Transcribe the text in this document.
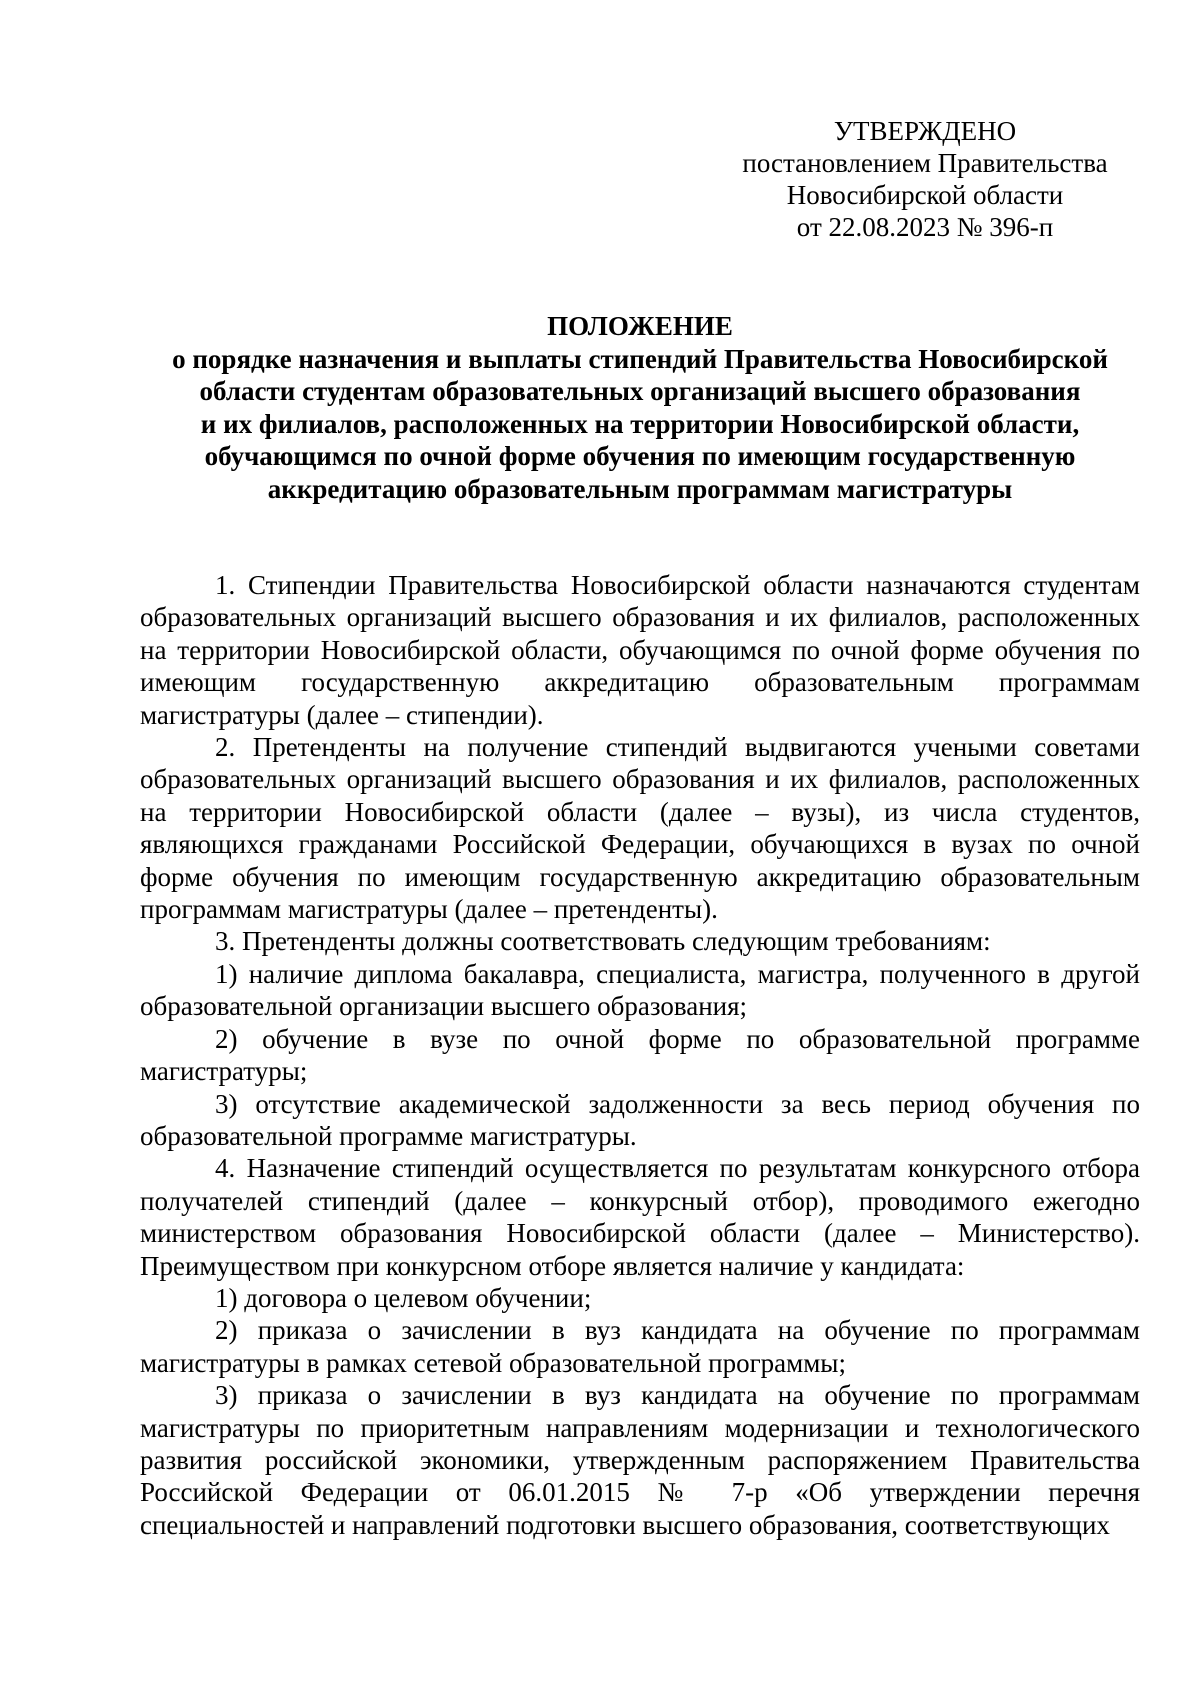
УТВЕРЖДЕНО
постановлением Правительства
Новосибирской области
от 22.08.2023 № 396-п
ПОЛОЖЕНИЕ
о порядке назначения и выплаты стипендий Правительства Новосибирской
области студентам образовательных организаций высшего образования
и их филиалов, расположенных на территории Новосибирской области,
обучающимся по очной форме обучения по имеющим государственную
аккредитацию образовательным программам магистратуры

1. Стипендии Правительства Новосибирской области назначаются студентам образовательных организаций высшего образования и их филиалов, расположенных на территории Новосибирской области, обучающимся по очной форме обучения по имеющим государственную аккредитацию образовательным программам магистратуры (далее – стипендии).

2. Претенденты на получение стипендий выдвигаются учеными советами образовательных организаций высшего образования и их филиалов, расположенных на территории Новосибирской области (далее – вузы), из числа студентов, являющихся гражданами Российской Федерации, обучающихся в вузах по очной форме обучения по имеющим государственную аккредитацию образовательным программам магистратуры (далее – претенденты).

3. Претенденты должны соответствовать следующим требованиям:

1) наличие диплома бакалавра, специалиста, магистра, полученного в другой образовательной организации высшего образования;

2) обучение в вузе по очной форме по образовательной программе магистратуры;

3) отсутствие академической задолженности за весь период обучения по образовательной программе магистратуры.

4. Назначение стипендий осуществляется по результатам конкурсного отбора получателей стипендий (далее – конкурсный отбор), проводимого ежегодно министерством образования Новосибирской области (далее – Министерство). Преимуществом при конкурсном отборе является наличие у кандидата:

1) договора о целевом обучении;

2) приказа о зачислении в вуз кандидата на обучение по программам магистратуры в рамках сетевой образовательной программы;

3) приказа о зачислении в вуз кандидата на обучение по программам магистратуры по приоритетным направлениям модернизации и технологического развития российской экономики, утвержденным распоряжением Правительства Российской Федерации от 06.01.2015 № 7-р «Об утверждении перечня специальностей и направлений подготовки высшего образования, соответствующих
